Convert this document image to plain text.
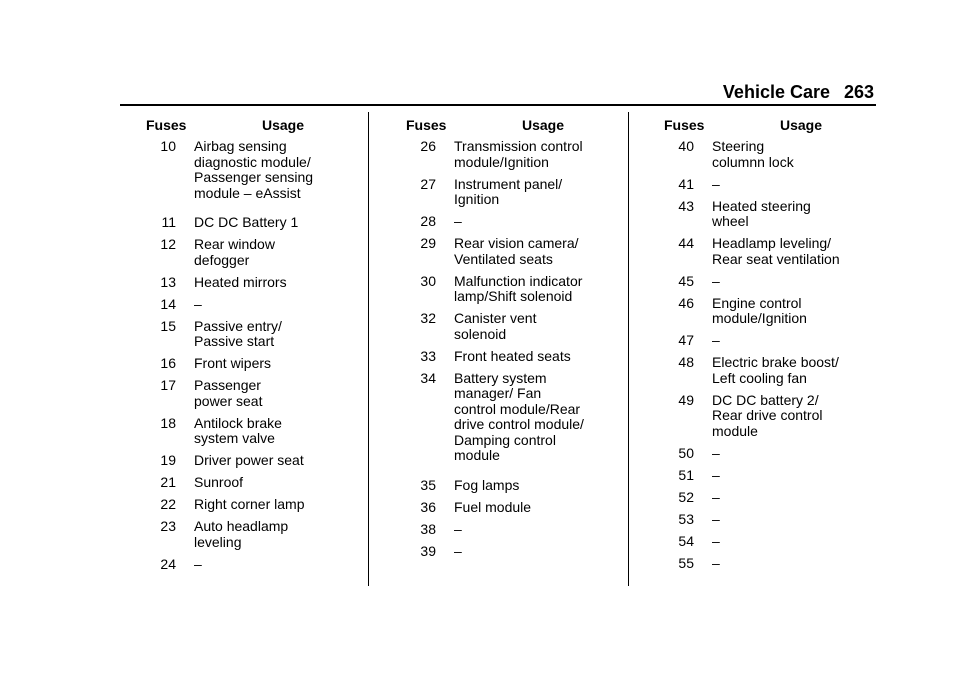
Vehicle Care 263
Fuses	Usage
10 Airbag sensing
diagnostic module/
Passenger sensing
module – eAssist
11 DC DC Battery 1
12 Rear window
defogger
13 Heated mirrors
14 –
15 Passive entry/
Passive start
16 Front wipers
17 Passenger
power seat
18 Antilock brake
system valve
19 Driver power seat
21 Sunroof
22 Right corner lamp
23 Auto headlamp
leveling
24 –
Fuses	Usage
26 Transmission control
module/Ignition
27 Instrument panel/
Ignition
28 –
29 Rear vision camera/
Ventilated seats
30 Malfunction indicator
lamp/Shift solenoid
32 Canister vent
solenoid
33 Front heated seats
34 Battery system
manager/ Fan
control module/Rear
drive control module/
Damping control
module
35 Fog lamps
36 Fuel module
38 –
39 –
Fuses	Usage
40 Steering
columnn lock
41 –
43 Heated steering
wheel
44 Headlamp leveling/
Rear seat ventilation
45 –
46 Engine control
module/Ignition
47 –
48 Electric brake boost/
Left cooling fan
49 DC DC battery 2/
Rear drive control
module
50 –
51 –
52 –
53 –
54 –
55 –
